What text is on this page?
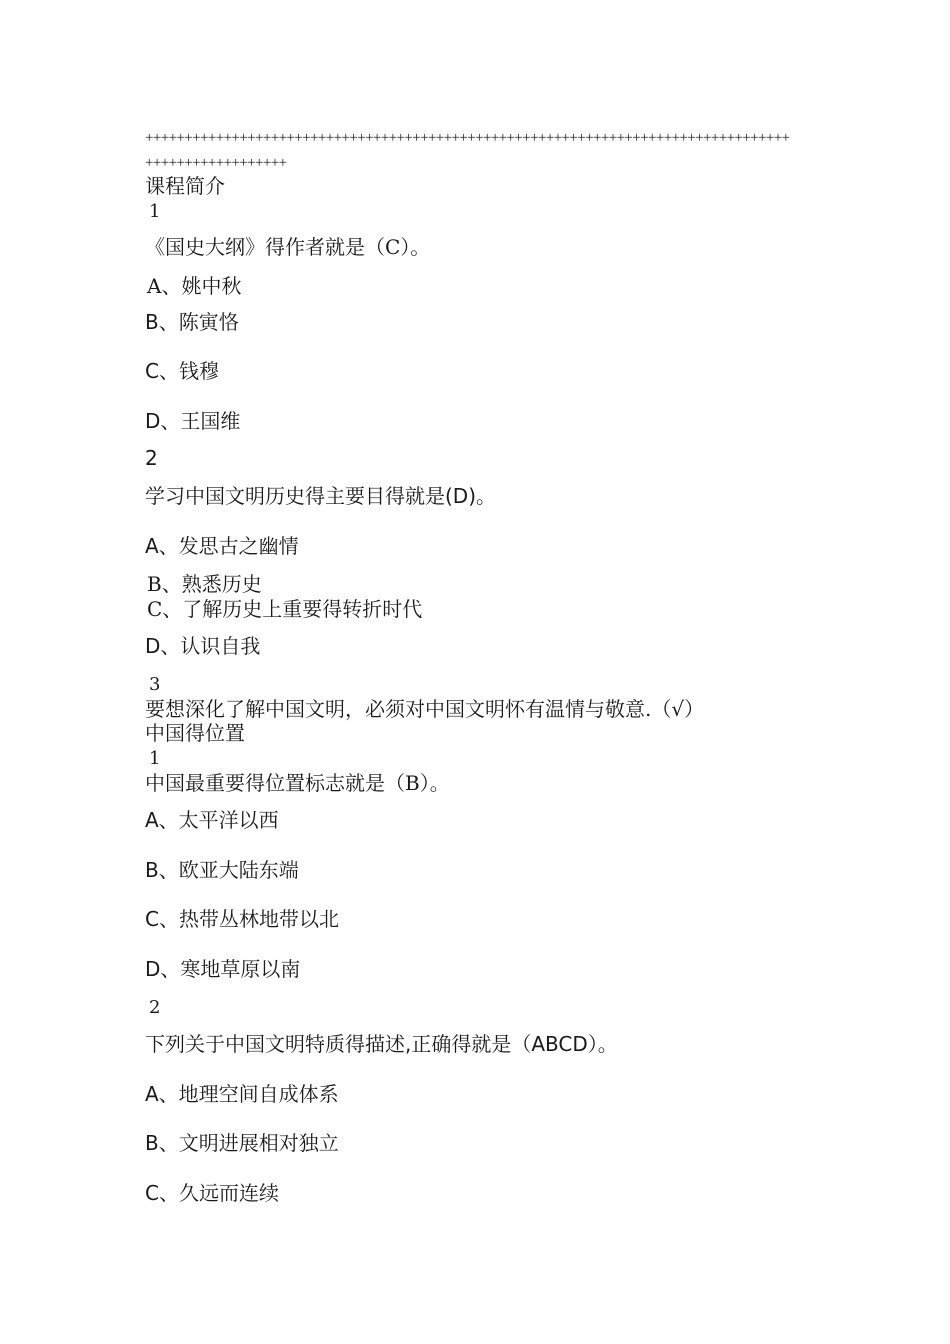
++++++++++++++++++++++++++++++++++++++++++++++++++++++++++++++++++++++++++++++++++
++++++++++++++++++
课程简介
1
《国史大纲》得作者就是（C）。
A、姚中秋
B、陈寅恪
C、钱穆
D、王国维
2
学习中国文明历史得主要目得就是(D)。
A、发思古之幽情
B、熟悉历史
C、了解历史上重要得转折时代
D、认识自我
3
要想深化了解中国文明，必须对中国文明怀有温情与敬意.（√）
中国得位置
1
中国最重要得位置标志就是（B）。
A、太平洋以西
B、欧亚大陆东端
C、热带丛林地带以北
D、寒地草原以南
2
下列关于中国文明特质得描述,正确得就是（ABCD）。
A、地理空间自成体系
B、文明进展相对独立
C、久远而连续
